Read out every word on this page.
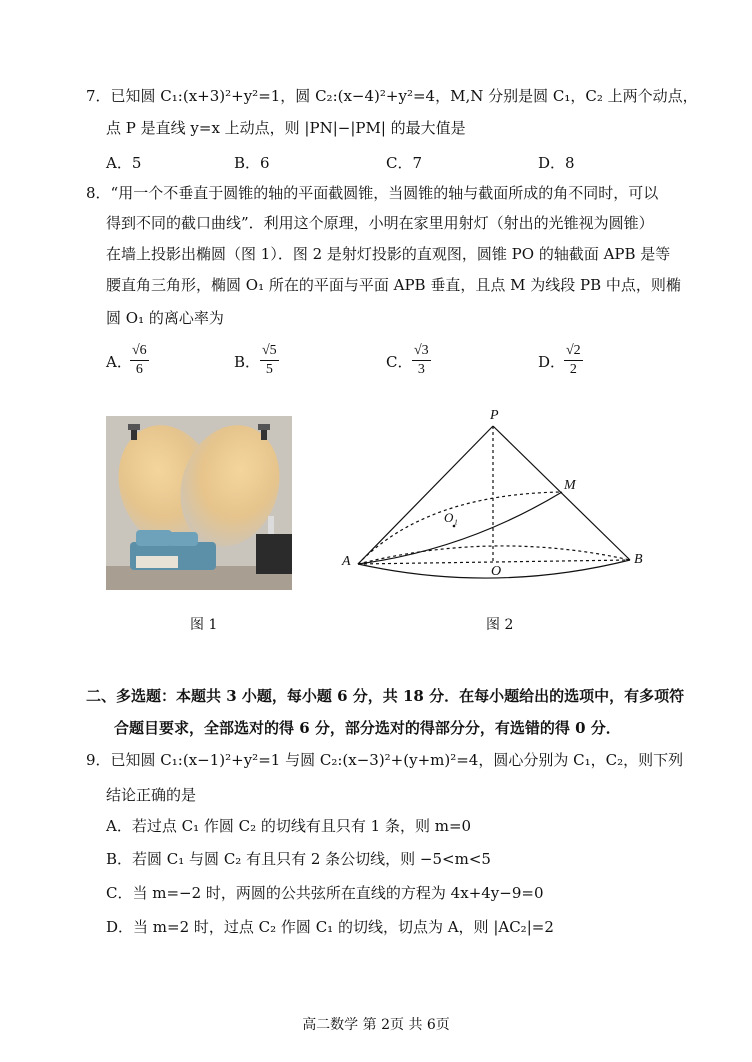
7．已知圆 C₁:(x+3)²+y²=1，圆 C₂:(x−4)²+y²=4，M,N 分别是圆 C₁，C₂ 上两个动点，
点 P 是直线 y=x 上动点，则 |PN|−|PM| 的最大值是
A．5	B．6	C．7	D．8
8．“用一个不垂直于圆锥的轴的平面截圆锥，当圆锥的轴与截面所成的角不同时，可以
得到不同的截口曲线”．利用这个原理，小明在家里用射灯（射出的光锥视为圆锥）
在墙上投影出椭圆（图 1）．图 2 是射灯投影的直观图，圆锥 PO 的轴截面 APB 是等
腰直角三角形，椭圆 O₁ 所在的平面与平面 APB 垂直，且点 M 为线段 PB 中点，则椭
圆 O₁ 的离心率为
A．
$\frac{√6}{6}$	B． $\frac{√5}{5}$	C． $\frac{√3}{3}$	D．
$\frac{√2}{2}$
图 1
P
M
O₁
A	B
O
图 2
二、多选题：本题共 3 小题，每小题 6 分，共 18 分．在每小题给出的选项中，有多项符
合题目要求，全部选对的得 6 分，部分选对的得部分分，有选错的得 0 分．
9．已知圆 C₁:(x−1)²+y²=1 与圆 C₂:(x−3)²+(y+m)²=4，圆心分别为 C₁，C₂，则下列
结论正确的是
A．若过点 C₁ 作圆 C₂ 的切线有且只有 1 条，则 m=0
B．若圆 C₁ 与圆 C₂ 有且只有 2 条公切线，则 −5<m<5
C．当 m=−2 时，两圆的公共弦所在直线的方程为 4x+4y−9=0
D．当 m=2 时，过点 C₂ 作圆 C₁ 的切线，切点为 A，则 |AC₂|=2
高二数学 第 2页 共 6页
